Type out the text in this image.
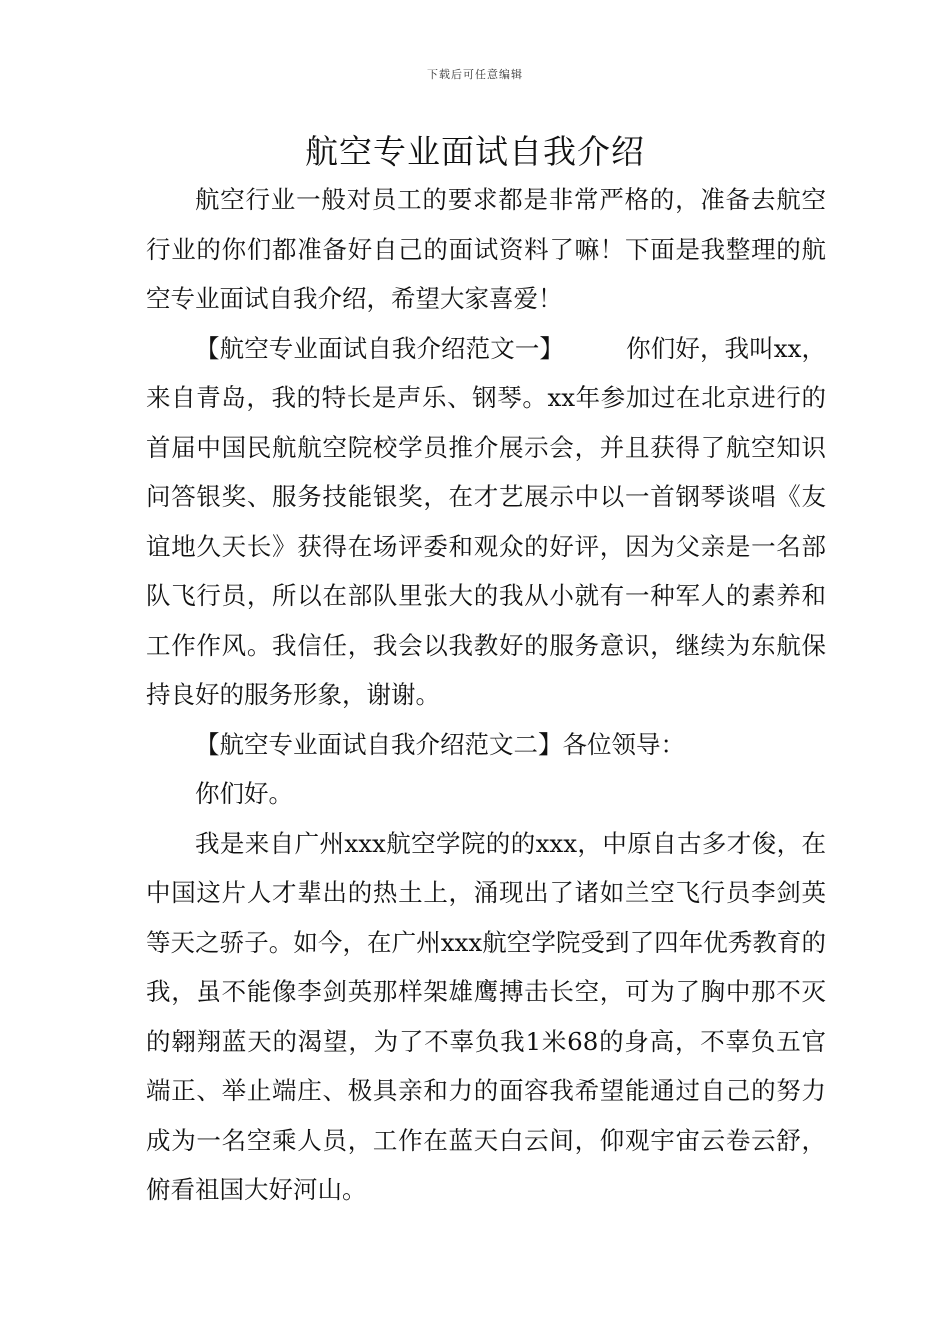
下载后可任意编辑
航空专业面试自我介绍

航空行业一般对员工的要求都是非常严格的，准备去航空行业的你们都准备好自己的面试资料了嘛！下面是我整理的航空专业面试自我介绍，希望大家喜爱！

【航空专业面试自我介绍范文一】	你们好，我叫xx，来自青岛，我的特长是声乐、钢琴。xx年参加过在北京进行的首届中国民航航空院校学员推介展示会，并且获得了航空知识问答银奖、服务技能银奖，在才艺展示中以一首钢琴谈唱《友谊地久天长》获得在场评委和观众的好评，因为父亲是一名部队飞行员，所以在部队里张大的我从小就有一种军人的素养和工作作风。我信任，我会以我教好的服务意识，继续为东航保持良好的服务形象，谢谢。

【航空专业面试自我介绍范文二】各位领导：

你们好。

我是来自广州xxx航空学院的的xxx，中原自古多才俊，在中国这片人才辈出的热土上，涌现出了诸如兰空飞行员李剑英等天之骄子。如今，在广州xxx航空学院受到了四年优秀教育的我，虽不能像李剑英那样架雄鹰搏击长空，可为了胸中那不灭的翱翔蓝天的渴望，为了不辜负我1米68的身高，不辜负五官端正、举止端庄、极具亲和力的面容我希望能通过自己的努力成为一名空乘人员，工作在蓝天白云间，仰观宇宙云卷云舒，俯看祖国大好河山。
